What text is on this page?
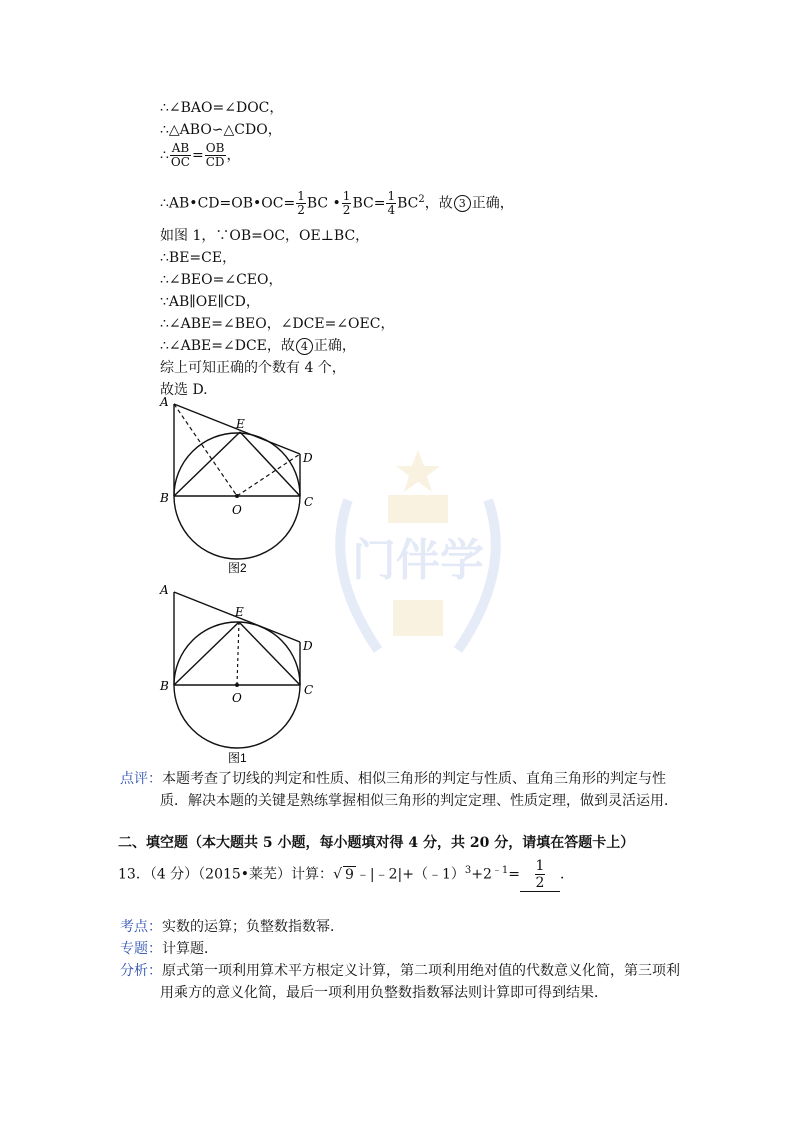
∴∠BAO=∠DOC，
∴△ABO∽△CDO，
∴ $\frac{AB}{OC} = \frac{OB}{CD}$ ，
∴AB•CD=OB•OC= $\frac{1}{2}$ BC • $\frac{1}{2} BC= \frac{1}{4} BC^2$，故 3 正确，
如图 1，∵OB=OC，OE⊥BC，
∴BE=CE，
∴∠BEO=∠CEO，
∵AB∥OE∥CD，
∴∠ABE=∠BEO，∠DCE=∠OEC，
∴∠ABE=∠DCE，故 4 正确，
综上可知正确的个数有 4 个，
故选 D.
门伴学
A
E
D
B
O
C
图2
A
E
D
B
O
C
图1
点评：本题考查了切线的判定和性质、相似三角形的判定与性质、直角三角形的判定与性
质．解决本题的关键是熟练掌握相似三角形的判定定理、性质定理，做到灵活运用．
二、填空题（本大题共 5 小题，每小题填对得 4 分，共 20 分，请填在答题卡上）
13．（4 分）（2015•莱芜）计算：√ 9 $﹣|﹣2|+(﹣1)^3+2^{﹣1}= \frac{1}{2}$ ．
考点：实数的运算；负整数指数幂．
专题：计算题．
分析：原式第一项利用算术平方根定义计算，第二项利用绝对值的代数意义化简，第三项利
用乘方的意义化简，最后一项利用负整数指数幂法则计算即可得到结果．
